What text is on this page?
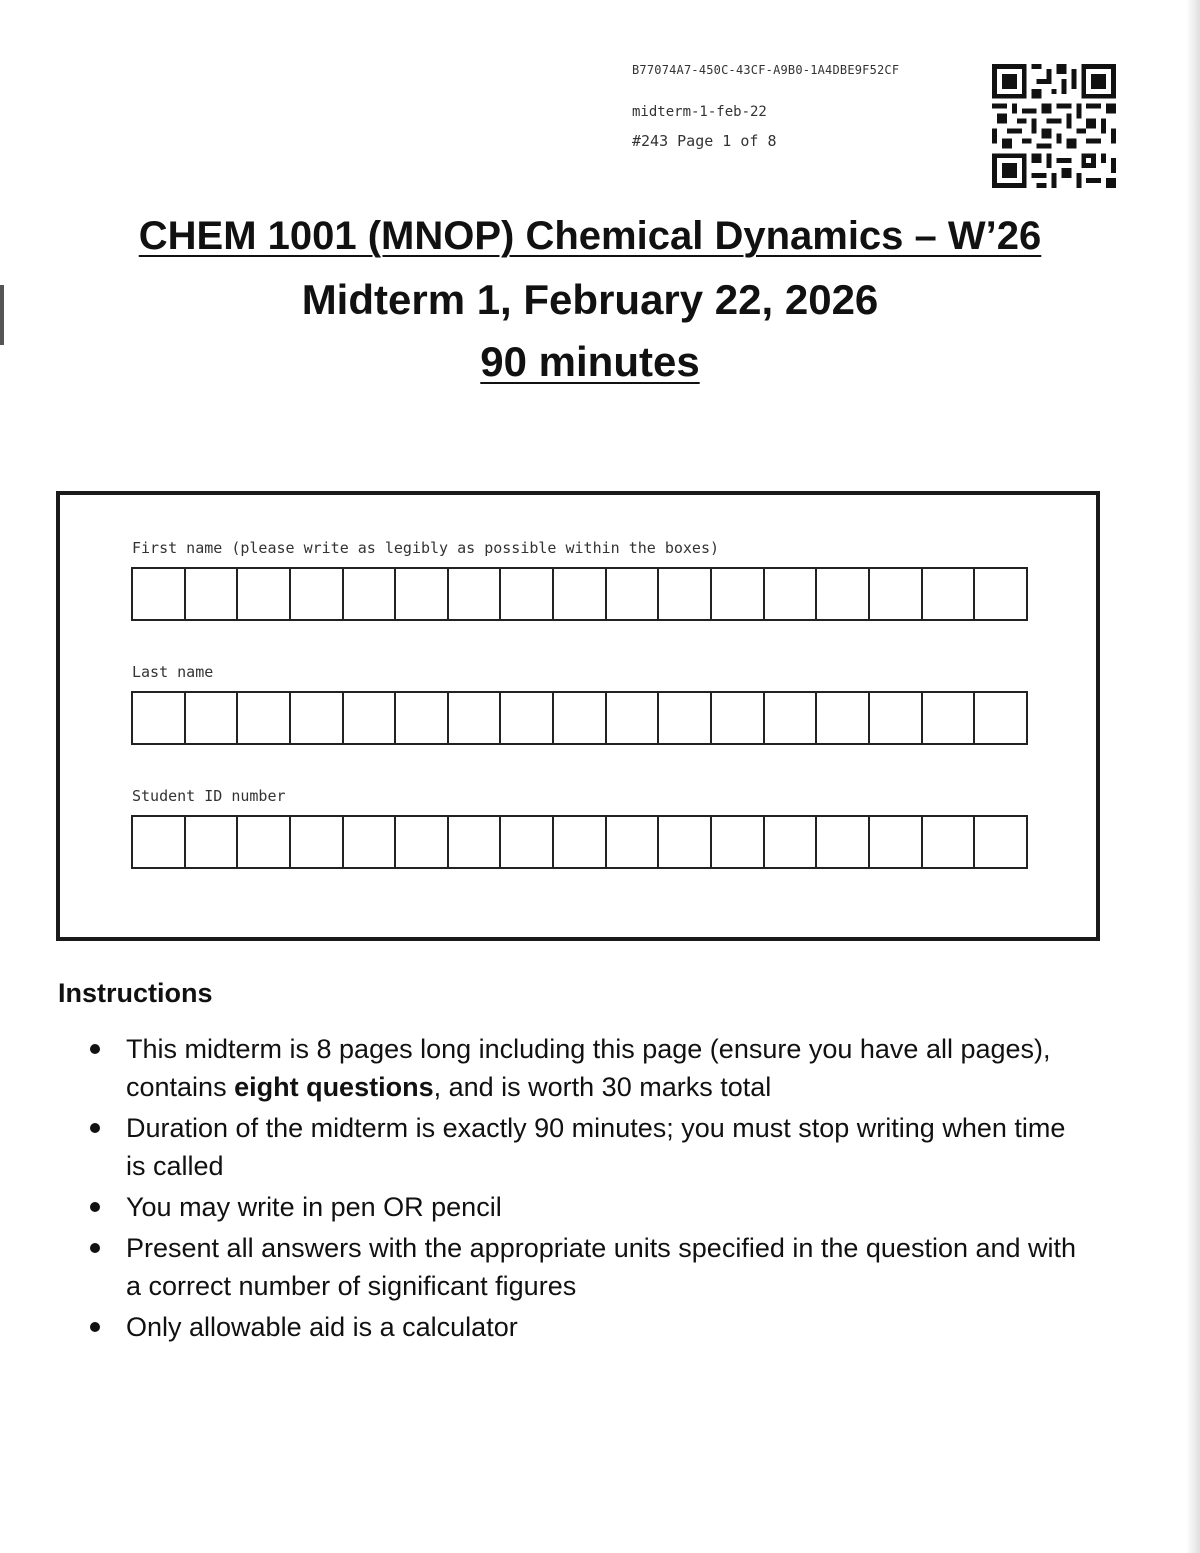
B77074A7-450C-43CF-A9B0-1A4DBE9F52CF
midterm-1-feb-22
#243 Page 1 of 8
CHEM 1001 (MNOP) Chemical Dynamics – W’26
Midterm 1, February 22, 2026
90 minutes
First name (please write as legibly as possible within the boxes)
Last name
Student ID number
Instructions
This midterm is 8 pages long including this page (ensure you have all pages), contains eight questions, and is worth 30 marks total
Duration of the midterm is exactly 90 minutes; you must stop writing when time is called
You may write in pen OR pencil
Present all answers with the appropriate units specified in the question and with a correct number of significant figures
Only allowable aid is a calculator
